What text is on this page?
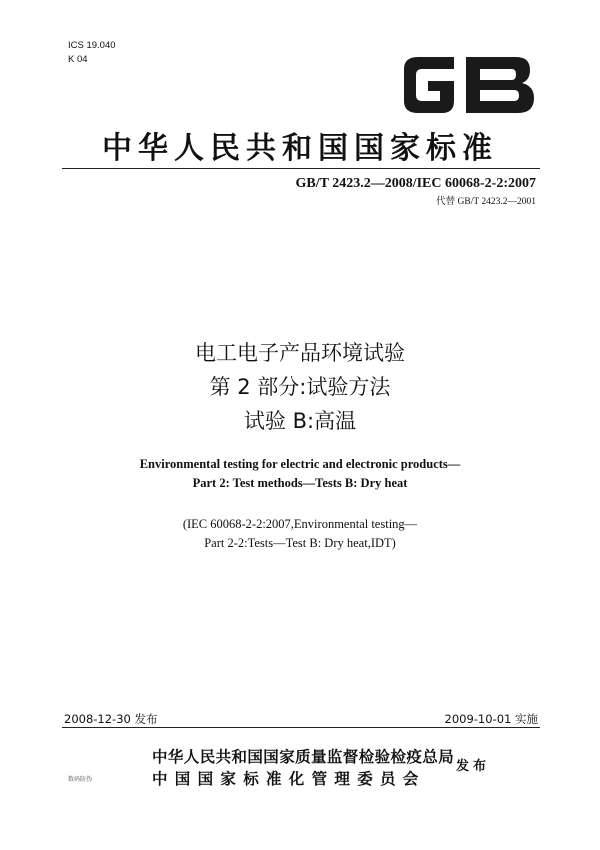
ICS 19.040
K 04
中华人民共和国国家标准
GB/T 2423.2—2008/IEC 60068-2-2:2007
代替 GB/T 2423.2—2001
电工电子产品环境试验
第 2 部分:试验方法
试验 B:高温
Environmental testing for electric and electronic products—
Part 2: Test methods—Tests B: Dry heat
(IEC 60068-2-2:2007,Environmental testing—
Part 2-2:Tests—Test B: Dry heat,IDT)
2008-12-30 发布	2009-10-01 实施
中华人民共和国国家质量监督检验检疫总局
中国国家标准化管理委员会
发布
数码防伪
